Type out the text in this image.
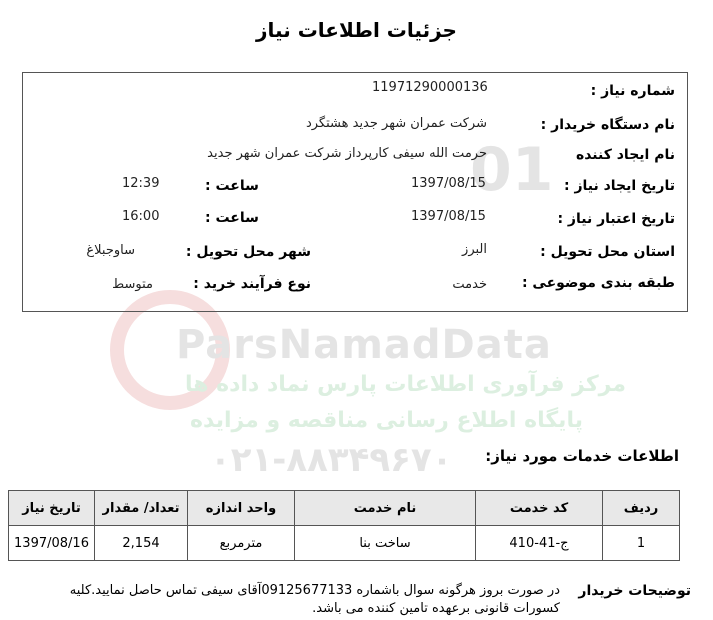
01
ParsNamadData
مرکز فرآوری اطلاعات پارس نماد داده ها
پایگاه اطلاع رسانی مناقصه و مزایده
۰۲۱-۸۸۳۴۹۶۷۰
جزئیات اطلاعات نیاز
شماره نیاز :
11971290000136
نام دستگاه خریدار :
شرکت عمران شهر جدید هشتگرد
نام ایجاد کننده
حرمت الله سیفی کارپرداز شرکت عمران شهر جدید
تاریخ ایجاد نیاز :
1397/08/15
ساعت :
12:39
تاریخ اعتبار نیاز :
1397/08/15
ساعت :
16:00
استان محل تحویل :
البرز
شهر محل تحویل :
ساوجبلاغ
طبقه بندی موضوعی :
خدمت
نوع فرآیند خرید :
متوسط
اطلاعات خدمات مورد نیاز:
ردیف	کد خدمت	نام خدمت	واحد اندازه	تعداد/ مقدار	تاریخ نیاز
1	ج-41-410	ساخت بنا	مترمربع	2,154	1397/08/16
توضیحات خریدار
در صورت بروز هرگونه سوال باشماره 09125677133آقای سیفی تماس حاصل نمایید.کلیه کسورات قانونی برعهده تامین کننده می باشد.
